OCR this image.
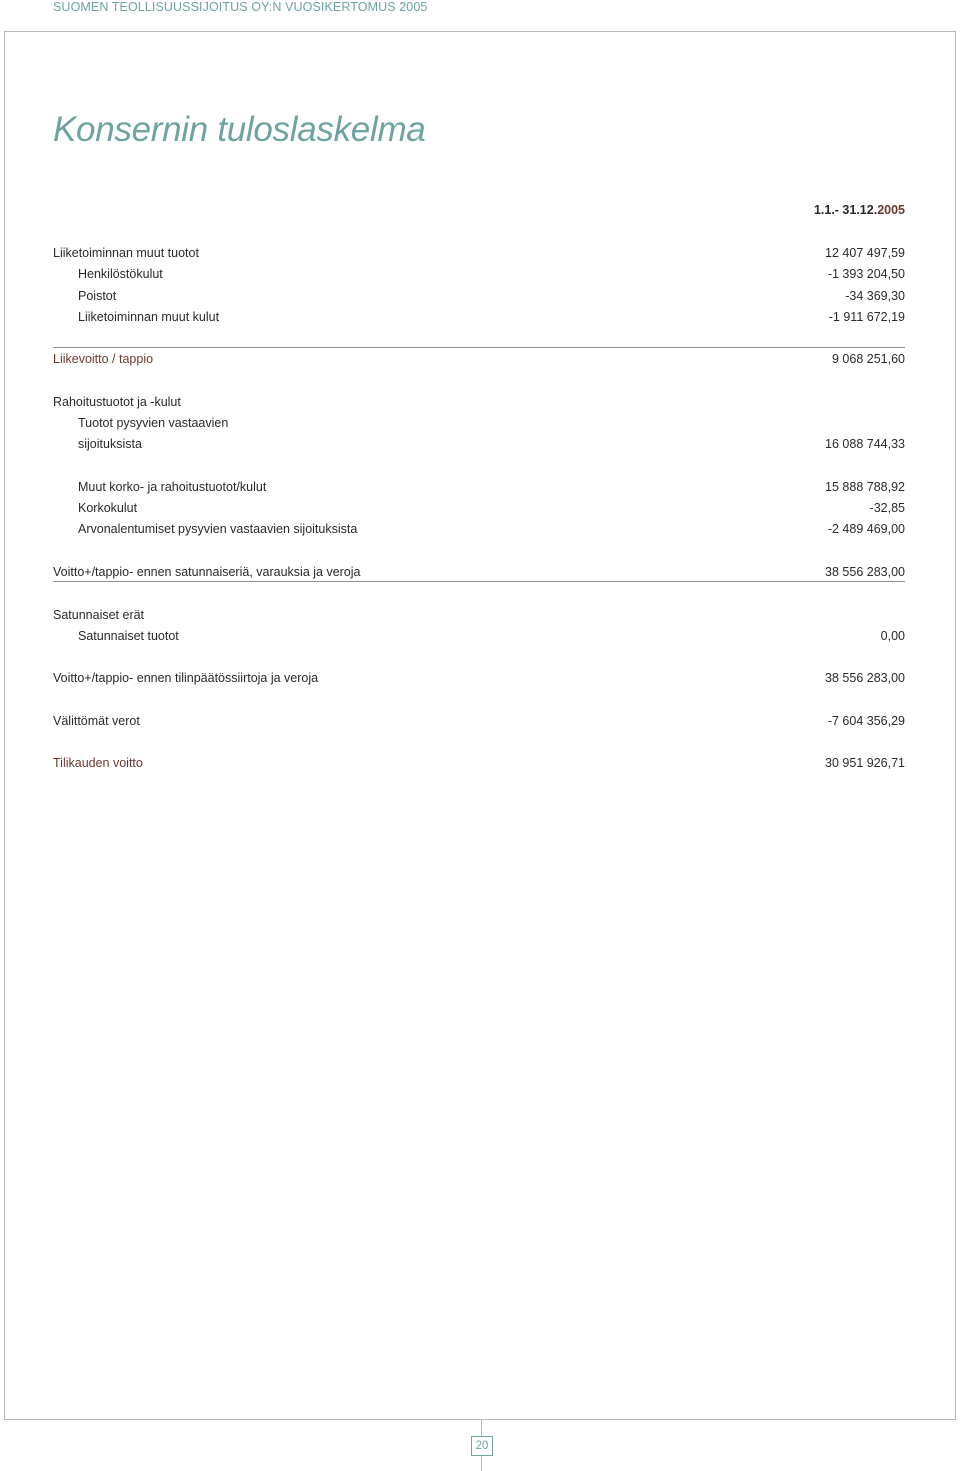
SUOMEN TEOLLISUUSSIJOITUS OY:N VUOSIKERTOMUS 2005
Konsernin tuloslaskelma
1.1.- 31.12.2005
Liiketoiminnan muut tuotot	12 407 497,59
Henkilöstökulut	-1 393 204,50
Poistot	-34 369,30
Liiketoiminnan muut kulut	-1 911 672,19
Liikevoitto / tappio	9 068 251,60
Rahoitustuotot ja -kulut
Tuotot pysyvien vastaavien
sijoituksista	16 088 744,33
Muut korko- ja rahoitustuotot/kulut	15 888 788,92
Korkokulut	-32,85
Arvonalentumiset pysyvien vastaavien sijoituksista	-2 489 469,00
Voitto+/tappio- ennen satunnaiseriä, varauksia ja veroja	38 556 283,00
Satunnaiset erät
Satunnaiset tuotot	0,00
Voitto+/tappio- ennen tilinpäätössiirtoja ja veroja	38 556 283,00
Välittömät verot	-7 604 356,29
Tilikauden voitto	30 951 926,71
20
